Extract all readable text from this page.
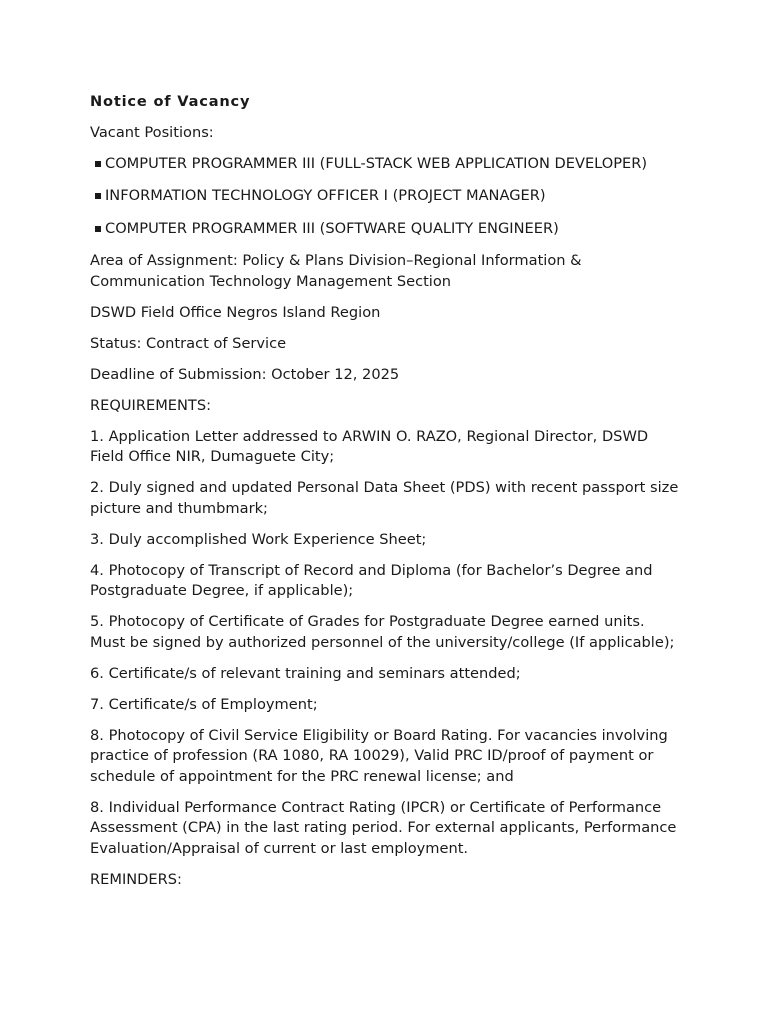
Notice of Vacancy

Vacant Positions:

COMPUTER PROGRAMMER III (FULL-STACK WEB APPLICATION DEVELOPER)
INFORMATION TECHNOLOGY OFFICER I (PROJECT MANAGER)
COMPUTER PROGRAMMER III (SOFTWARE QUALITY ENGINEER)

Area of Assignment: Policy & Plans Division–Regional Information & Communication Technology Management Section

DSWD Field Office Negros Island Region

Status: Contract of Service

Deadline of Submission: October 12, 2025

REQUIREMENTS:

1. Application Letter addressed to ARWIN O. RAZO, Regional Director, DSWD Field Office NIR, Dumaguete City;

2. Duly signed and updated Personal Data Sheet (PDS) with recent passport size picture and thumbmark;

3. Duly accomplished Work Experience Sheet;

4. Photocopy of Transcript of Record and Diploma (for Bachelor’s Degree and Postgraduate Degree, if applicable);

5. Photocopy of Certificate of Grades for Postgraduate Degree earned units. Must be signed by authorized personnel of the university/college (If applicable);

6. Certificate/s of relevant training and seminars attended;

7. Certificate/s of Employment;

8. Photocopy of Civil Service Eligibility or Board Rating. For vacancies involving practice of profession (RA 1080, RA 10029), Valid PRC ID/proof of payment or schedule of appointment for the PRC renewal license; and

8. Individual Performance Contract Rating (IPCR) or Certificate of Performance Assessment (CPA) in the last rating period. For external applicants, Performance Evaluation/Appraisal of current or last employment.

REMINDERS:
